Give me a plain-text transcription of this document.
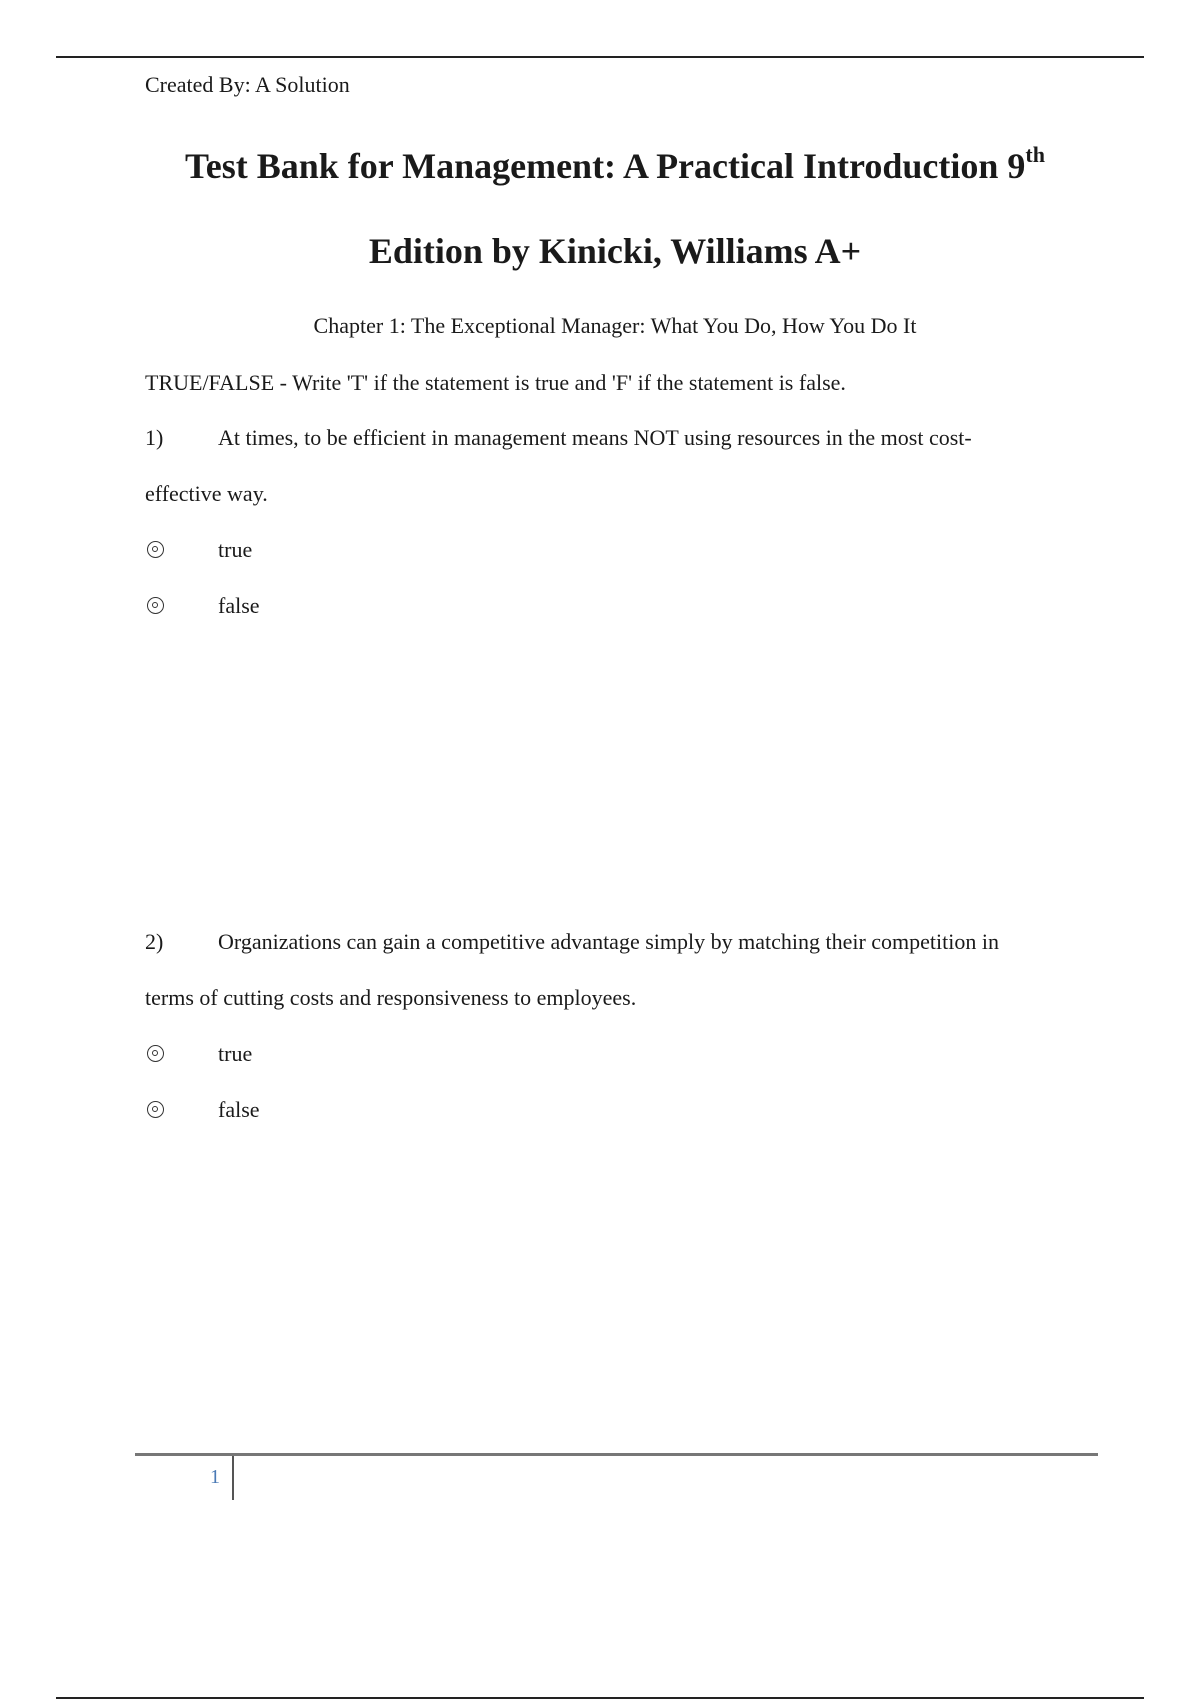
Created By: A Solution
Test Bank for Management: A Practical Introduction 9th
Edition by Kinicki, Williams A+
Chapter 1: The Exceptional Manager: What You Do, How You Do It
TRUE/FALSE - Write 'T' if the statement is true and 'F' if the statement is false.
1) At times, to be efficient in management means NOT using resources in the most cost-
effective way.
true
false
2) Organizations can gain a competitive advantage simply by matching their competition in
terms of cutting costs and responsiveness to employees.
true
false
1
